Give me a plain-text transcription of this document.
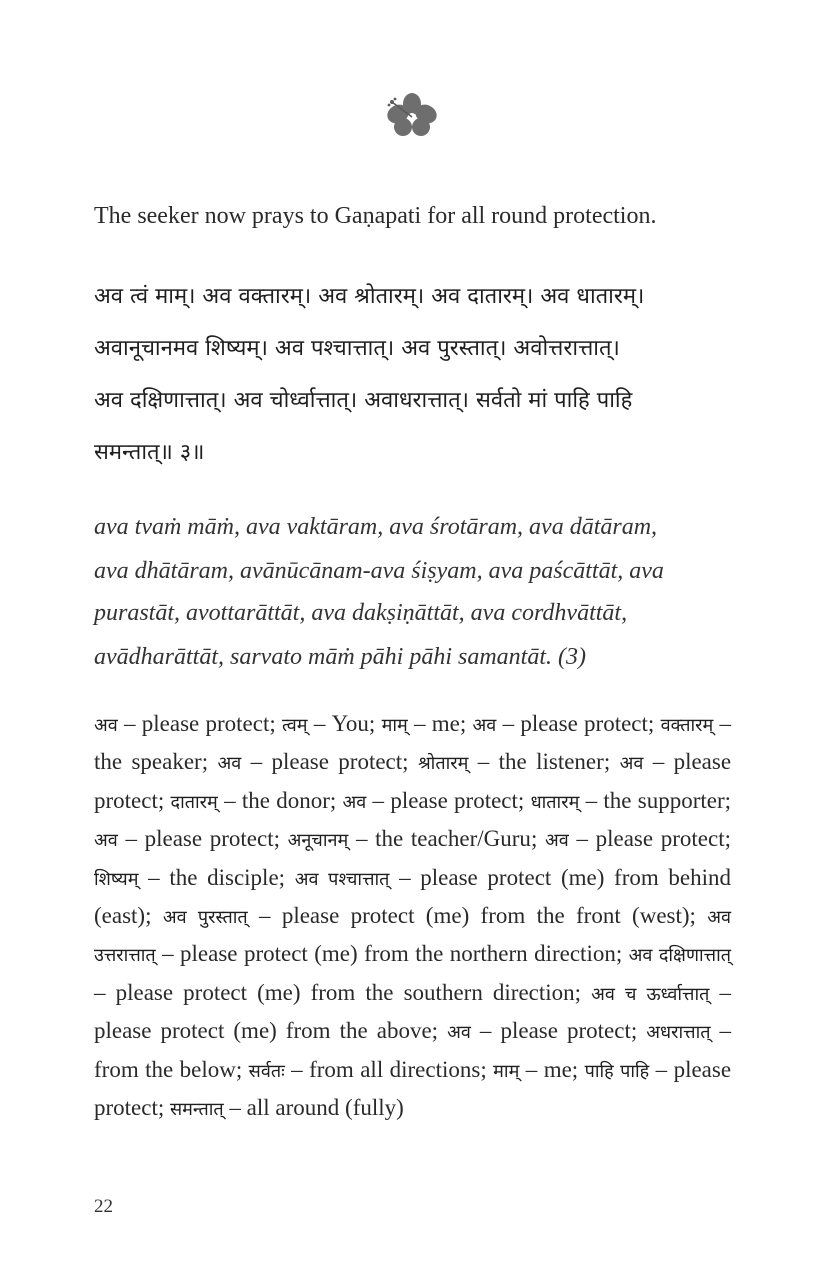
The seeker now prays to Gaṇapati for all round protection.
अव त्वं माम्। अव वक्तारम्। अव श्रोतारम्। अव दातारम्। अव धातारम्।
अवानूचानमव शिष्यम्। अव पश्चात्तात्। अव पुरस्तात्। अवोत्तरात्तात्।
अव दक्षिणात्तात्। अव चोर्ध्वात्तात्। अवाधरात्तात्। सर्वतो मां पाहि पाहि
समन्तात्॥ ३॥
ava tvaṁ māṁ, ava vaktāram, ava śrotāram, ava dātāram,
ava dhātāram, avānūcānam-ava śiṣyam, ava paścāttāt, ava
purastāt, avottarāttāt, ava dakṣiṇāttāt, ava cordhvāttāt,
avādharāttāt, sarvato māṁ pāhi pāhi samantāt. (3)
अव – please protect; त्वम् – You; माम् – me; अव – please protect; वक्तारम् – the speaker; अव – please protect; श्रोतारम् – the listener; अव – please protect; दातारम् – the donor; अव – please protect; धातारम् – the supporter; अव – please protect; अनूचानम् – the teacher/Guru; अव – please protect; शिष्यम् – the disciple; अव पश्चात्तात् – please protect (me) from behind (east); अव पुरस्तात् – please protect (me) from the front (west); अव उत्तरात्तात् – please protect (me) from the northern direction; अव दक्षिणात्तात् – please protect (me) from the southern direction; अव च ऊर्ध्वात्तात् – please protect (me) from the above; अव – please protect; अधरात्तात् – from the below; सर्वतः – from all directions; माम् – me; पाहि पाहि – please protect; समन्तात् – all around (fully)
22
